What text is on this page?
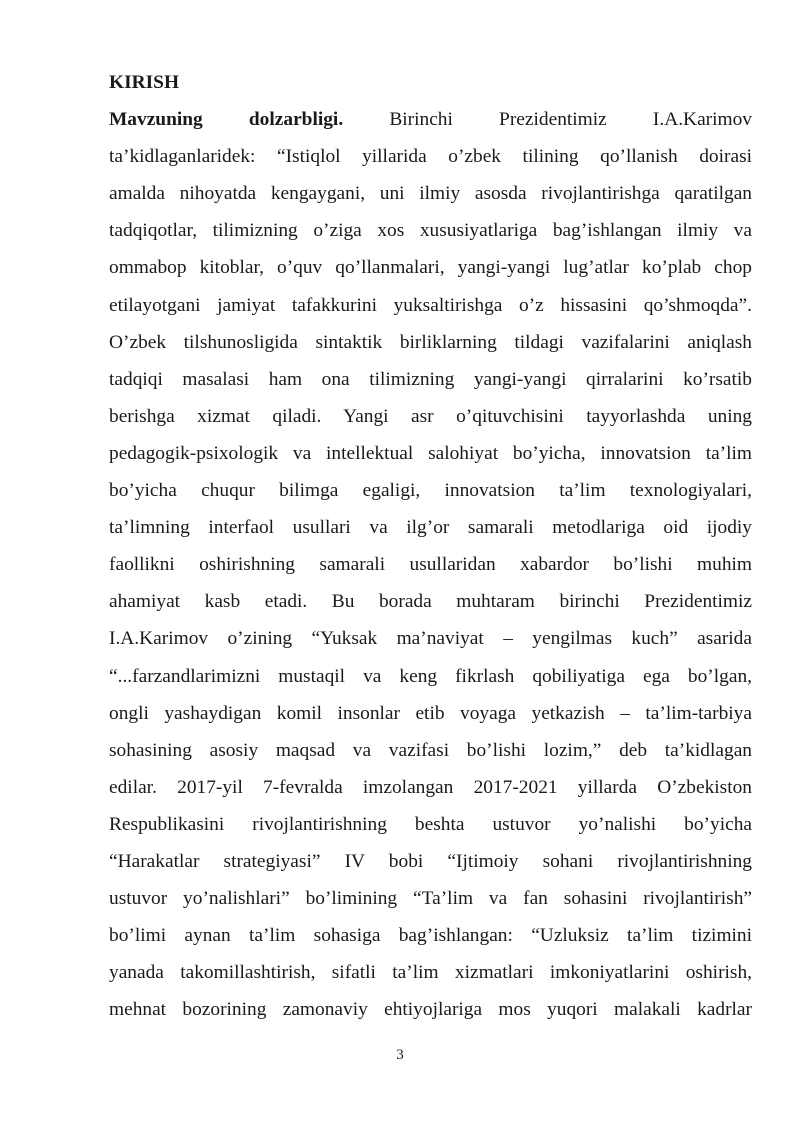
KIRISH
Mavzuning dolzarbligi. Birinchi Prezidentimiz I.A.Karimov
ta’kidlaganlaridek: “Istiqlol yillarida o’zbek tilining qo’llanish doirasi
amalda nihoyatda kengaygani, uni ilmiy asosda rivojlantirishga qaratilgan
tadqiqotlar, tilimizning o’ziga xos xususiyatlariga bag’ishlangan ilmiy va
ommabop kitoblar, o’quv qo’llanmalari, yangi-yangi lug’atlar ko’plab chop
etilayotgani jamiyat tafakkurini yuksaltirishga o’z hissasini qo’shmoqda”.
O’zbek tilshunosligida sintaktik birliklarning tildagi vazifalarini aniqlash
tadqiqi masalasi ham ona tilimizning yangi-yangi qirralarini ko’rsatib
berishga xizmat qiladi. Yangi asr o’qituvchisini tayyorlashda uning
pedagogik-psixologik va intellektual salohiyat bo’yicha, innovatsion ta’lim
bo’yicha chuqur bilimga egaligi, innovatsion ta’lim texnologiyalari,
ta’limning interfaol usullari va ilg’or samarali metodlariga oid ijodiy
faollikni oshirishning samarali usullaridan xabardor bo’lishi muhim
ahamiyat kasb etadi. Bu borada muhtaram birinchi Prezidentimiz
I.A.Karimov o’zining “Yuksak ma’naviyat – yengilmas kuch” asarida
“...farzandlarimizni mustaqil va keng fikrlash qobiliyatiga ega bo’lgan,
ongli yashaydigan komil insonlar etib voyaga yetkazish – ta’lim-tarbiya
sohasining asosiy maqsad va vazifasi bo’lishi lozim,” deb ta’kidlagan
edilar. 2017-yil 7-fevralda imzolangan 2017-2021 yillarda O’zbekiston
Respublikasini rivojlantirishning beshta ustuvor yo’nalishi bo’yicha
“Harakatlar strategiyasi” IV bobi “Ijtimoiy sohani rivojlantirishning
ustuvor yo’nalishlari” bo’limining “Ta’lim va fan sohasini rivojlantirish”
bo’limi aynan ta’lim sohasiga bag’ishlangan: “Uzluksiz ta’lim tizimini
yanada takomillashtirish, sifatli ta’lim xizmatlari imkoniyatlarini oshirish,
mehnat bozorining zamonaviy ehtiyojlariga mos yuqori malakali kadrlar
3
